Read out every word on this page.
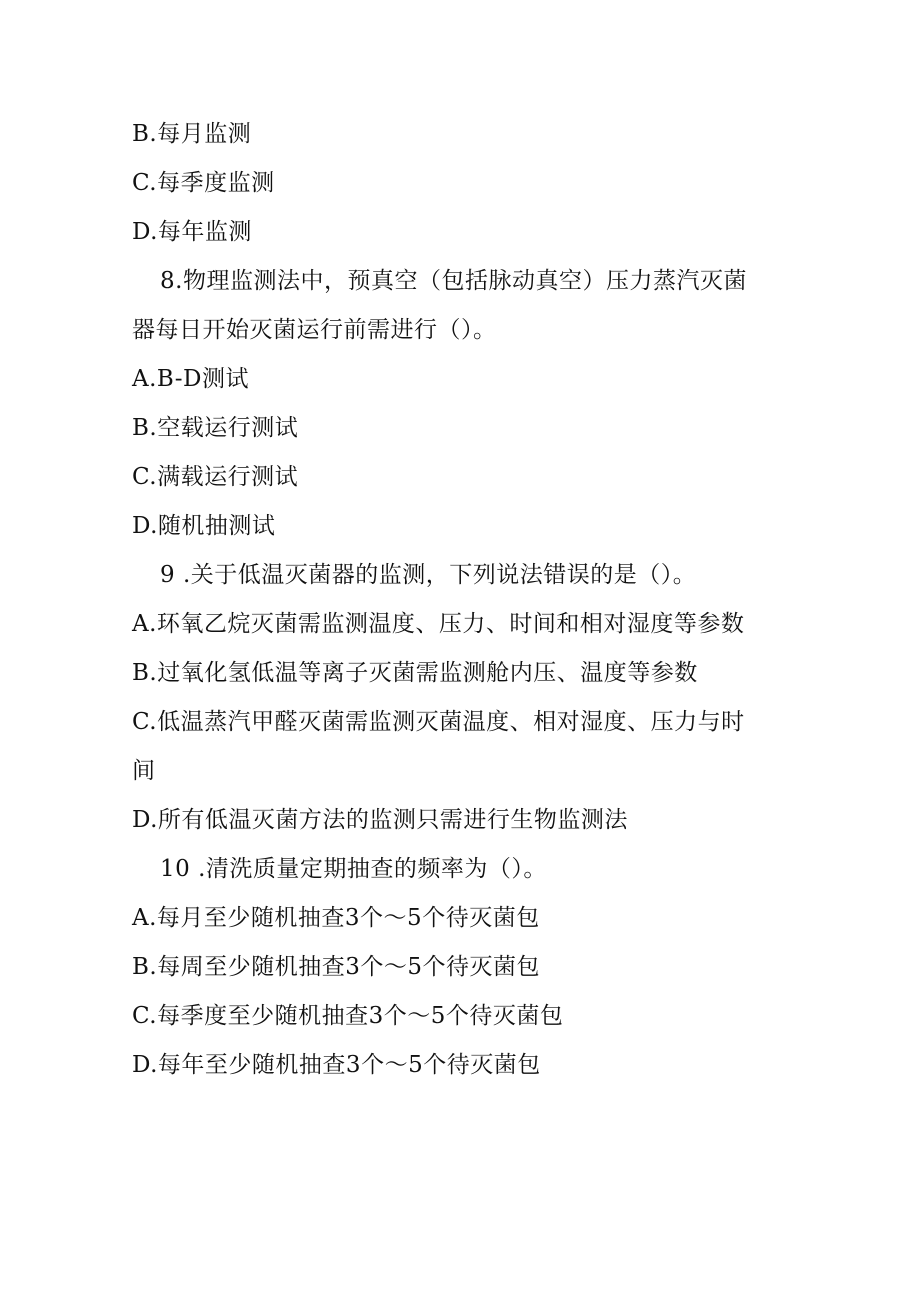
B.每月监测
C.每季度监测
D.每年监测
8.物理监测法中，预真空（包括脉动真空）压力蒸汽灭菌
器每日开始灭菌运行前需进行（）。
A.B-D测试
B.空载运行测试
C.满载运行测试
D.随机抽测试
9 .关于低温灭菌器的监测，下列说法错误的是（）。
A.环氧乙烷灭菌需监测温度、压力、时间和相对湿度等参数
B.过氧化氢低温等离子灭菌需监测舱内压、温度等参数
C.低温蒸汽甲醛灭菌需监测灭菌温度、相对湿度、压力与时
间
D.所有低温灭菌方法的监测只需进行生物监测法
10 .清洗质量定期抽查的频率为（）。
A.每月至少随机抽查3个～5个待灭菌包
B.每周至少随机抽查3个～5个待灭菌包
C.每季度至少随机抽查3个～5个待灭菌包
D.每年至少随机抽查3个～5个待灭菌包
